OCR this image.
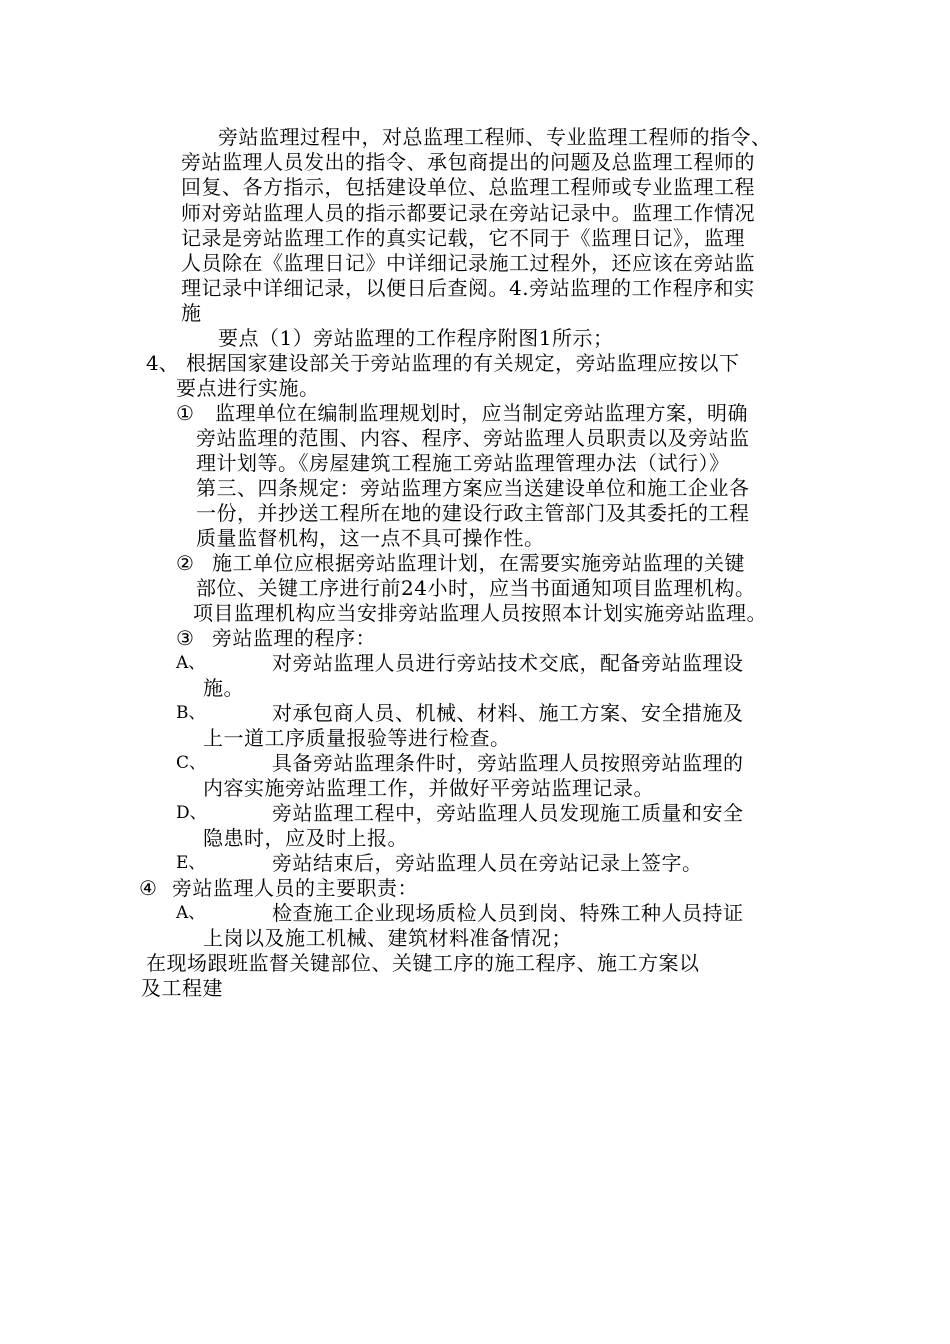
旁站监理过程中，对总监理工程师、专业监理工程师的指令、
旁站监理人员发出的指令、承包商提出的问题及总监理工程师的
回复、各方指示，包括建设单位、总监理工程师或专业监理工程
师对旁站监理人员的指示都要记录在旁站记录中。监理工作情况
记录是旁站监理工作的真实记载，它不同于《监理日记》，监理
人员除在《监理日记》中详细记录施工过程外，还应该在旁站监
理记录中详细记录，以便日后查阅。4.旁站监理的工作程序和实
施
要点（1）旁站监理的工作程序附图1所示；
4、 根据国家建设部关于旁站监理的有关规定，旁站监理应按以下
要点进行实施。
① 监理单位在编制监理规划时，应当制定旁站监理方案，明确
旁站监理的范围、内容、程序、旁站监理人员职责以及旁站监
理计划等。《房屋建筑工程施工旁站监理管理办法（试行）》
第三、四条规定：旁站监理方案应当送建设单位和施工企业各
一份，并抄送工程所在地的建设行政主管部门及其委托的工程
质量监督机构，这一点不具可操作性。
② 施工单位应根据旁站监理计划，在需要实施旁站监理的关键
部位、关键工序进行前24小时，应当书面通知项目监理机构。
项目监理机构应当安排旁站监理人员按照本计划实施旁站监理。
③ 旁站监理的程序：
A、	对旁站监理人员进行旁站技术交底，配备旁站监理设
施。
B、	对承包商人员、机械、材料、施工方案、安全措施及
上一道工序质量报验等进行检查。
C、	具备旁站监理条件时，旁站监理人员按照旁站监理的
内容实施旁站监理工作，并做好平旁站监理记录。
D、	旁站监理工程中，旁站监理人员发现施工质量和安全
隐患时，应及时上报。
E、	旁站结束后，旁站监理人员在旁站记录上签字。
④ 旁站监理人员的主要职责：
A、	检查施工企业现场质检人员到岗、特殊工种人员持证
上岗以及施工机械、建筑材料准备情况；
在现场跟班监督关键部位、关键工序的施工程序、施工方案以
及工程建
